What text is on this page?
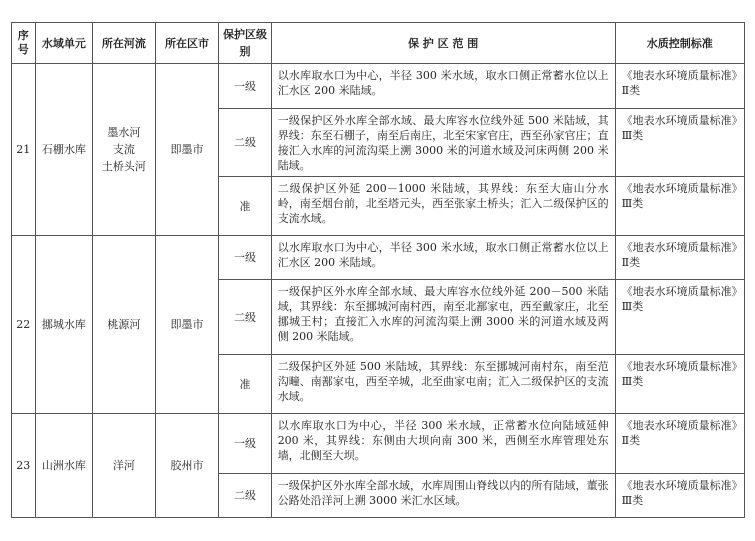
序号	水域单元	所在河流	所在区市	保护区级别	保 护 区 范 围	水质控制标准
21	石棚水库	墨水河
支流
土桥头河	即墨市	一级	以水库取水口为中心，半径 300 米水域，取水口侧正常蓄水位以上汇水区 200 米陆域。	《地表水环境质量标准》Ⅱ类
				二级	一级保护区外水库全部水域、最大库容水位线外延 500 米陆域，其界线：东至石棚子，南至后南庄，北至宋家官庄，西至孙家官庄；直接汇入水库的河流沟渠上溯 3000 米的河道水域及河床两侧 200 米陆域。	《地表水环境质量标准》Ⅲ类
				准	二级保护区外延 200－1000 米陆域，其界线：东至大庙山分水岭，南至烟台前，北至塔元头，西至张家土桥头；汇入二级保护区的支流水域。	《地表水环境质量标准》Ⅲ类
22	挪城水库	桃源河	即墨市	一级	以水库取水口为中心，半径 300 米水域，取水口侧正常蓄水位以上汇水区 200 米陆域。	《地表水环境质量标准》Ⅱ类
				二级	一级保护区外水库全部水域、最大库容水位线外延 200－500 米陆域，其界线：东至挪城河南村西，南至北鄯家屯，西至戴家庄，北至挪城王村；直接汇入水库的河流沟渠上溯 3000 米的河道水域及两侧 200 米陆域。	《地表水环境质量标准》Ⅲ类
				准	二级保护区外延 500 米陆域，其界线：东至挪城河南村东，南至范沟疃、南鄯家屯，西至辛城，北至曲家屯南；汇入二级保护区的支流水域。	《地表水环境质量标准》Ⅲ类
23	山洲水库	洋河	胶州市	一级	以水库取水口为中心，半径 300 米水域，正常蓄水位向陆域延伸 200 米，其界线：东侧由大坝向南 300 米，西侧至水库管理处东墙，北侧至大坝。	《地表水环境质量标准》Ⅱ类
				二级	一级保护区外水库全部水域，水库周围山脊线以内的所有陆域，董张公路处沿洋河上溯 3000 米汇水区域。	《地表水环境质量标准》Ⅲ类
